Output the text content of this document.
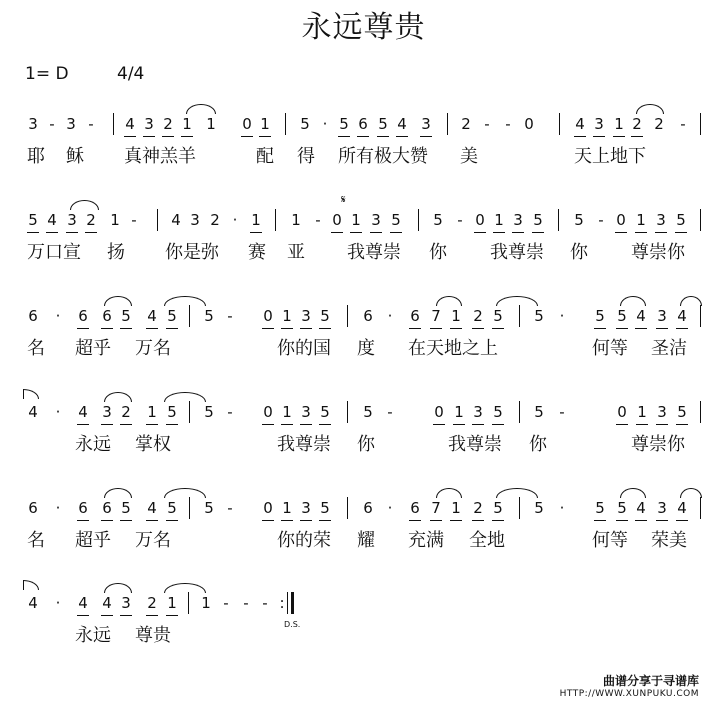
永远尊贵
1= D	4/4
3 - 3 - 4 3 2 1 1 0 1 5 · 5 6 5 4 3 2 - - 0	4 3 1 2 2 -
耶 稣 真神羔羊	配 得 所有极大赞 美	天上地下
𝄋
5 4 3 2 1 - 4 3 2 · 1 1 - 0 1 3 5 5 - 0 1 3 5 5 - 0 1 3 5
万口宣 扬 你是弥 赛 亚 我尊崇 你 我尊崇 你 尊崇你
6 · 6 6 5 4 5 5 - 0 1 3 5 6 · 6 7 1 2 5 5 · 5 5 4 3 4
名 超乎 万名	你的国 度 在天地之上	何等 圣洁
4 · 4 3 2 1 5 5 - 0 1 3 5 5 -	0 1 3 5 5 -	0 1 3 5
永远 掌权	我尊崇 你	我尊崇 你	尊崇你
6 · 6 6 5 4 5 5 - 0 1 3 5 6 · 6 7 1 2 5 5 · 5 5 4 3 4
名 超乎 万名	你的荣 耀 充满 全地	何等 荣美
4 · 4 4 3 2 1 1 - - - :
D.S.
永远 尊贵
曲谱分享于寻谱库
HTTP://WWW.XUNPUKU.COM
